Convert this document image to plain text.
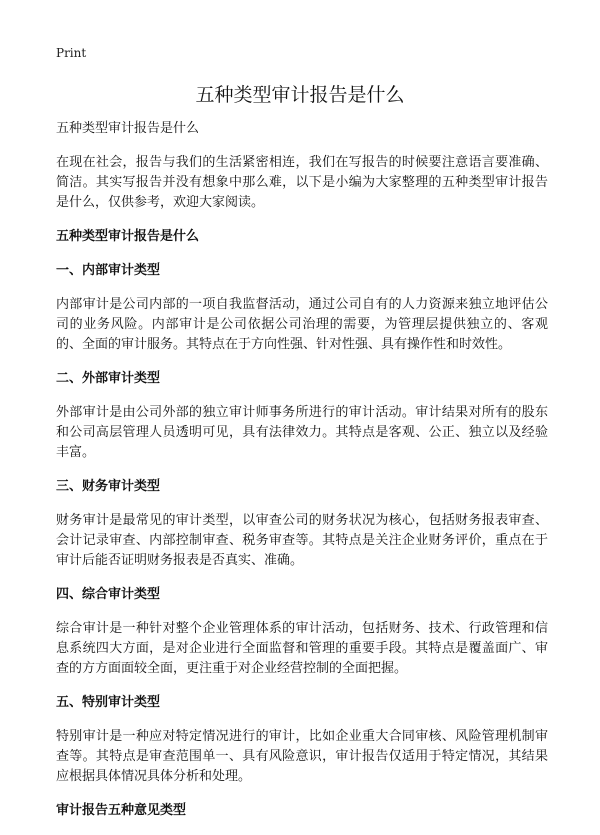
Print
五种类型审计报告是什么

五种类型审计报告是什么

在现在社会，报告与我们的生活紧密相连，我们在写报告的时候要注意语言要准确、简洁。其实写报告并没有想象中那么难，以下是小编为大家整理的五种类型审计报告是什么，仅供参考，欢迎大家阅读。

五种类型审计报告是什么

一、内部审计类型

内部审计是公司内部的一项自我监督活动，通过公司自有的人力资源来独立地评估公司的业务风险。内部审计是公司依据公司治理的需要，为管理层提供独立的、客观的、全面的审计服务。其特点在于方向性强、针对性强、具有操作性和时效性。

二、外部审计类型

外部审计是由公司外部的独立审计师事务所进行的审计活动。审计结果对所有的股东和公司高层管理人员透明可见，具有法律效力。其特点是客观、公正、独立以及经验丰富。

三、财务审计类型

财务审计是最常见的审计类型，以审查公司的财务状况为核心，包括财务报表审查、会计记录审查、内部控制审查、税务审查等。其特点是关注企业财务评价，重点在于审计后能否证明财务报表是否真实、准确。

四、综合审计类型

综合审计是一种针对整个企业管理体系的审计活动，包括财务、技术、行政管理和信息系统四大方面，是对企业进行全面监督和管理的重要手段。其特点是覆盖面广、审查的方方面面较全面，更注重于对企业经营控制的全面把握。

五、特别审计类型

特别审计是一种应对特定情况进行的审计，比如企业重大合同审核、风险管理机制审查等。其特点是审查范围单一、具有风险意识，审计报告仅适用于特定情况，其结果应根据具体情况具体分析和处理。

审计报告五种意见类型
